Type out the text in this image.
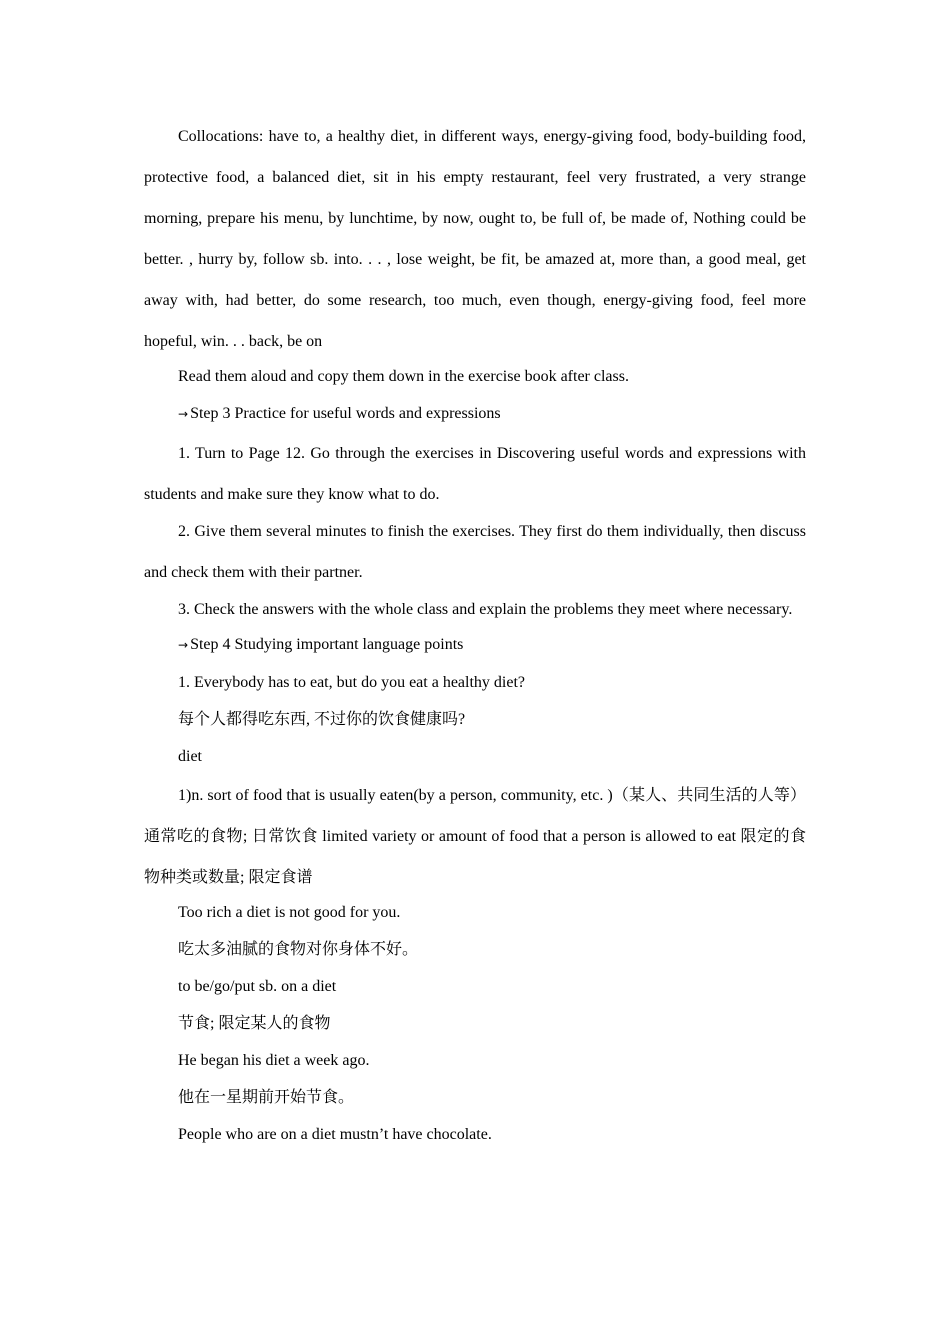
Collocations: have to, a healthy diet, in different ways, energy-giving food, body-building food, protective food, a balanced diet, sit in his empty restaurant, feel very frustrated, a very strange morning, prepare his menu, by lunchtime, by now, ought to, be full of, be made of, Nothing could be better. , hurry by, follow sb. into. . . , lose weight, be fit, be amazed at, more than, a good meal, get away with, had better, do some research, too much, even though, energy-giving food, feel more hopeful, win. . . back, be on

Read them aloud and copy them down in the exercise book after class.

→ Step 3 Practice for useful words and expressions

1. Turn to Page 12. Go through the exercises in Discovering useful words and expressions with students and make sure they know what to do.

2. Give them several minutes to finish the exercises. They first do them individually, then discuss and check them with their partner.

3. Check the answers with the whole class and explain the problems they meet where necessary.

→ Step 4 Studying important language points

1. Everybody has to eat, but do you eat a healthy diet?

每个人都得吃东西, 不过你的饮食健康吗?

diet

1)n. sort of food that is usually eaten(by a person, community, etc. )（某人、共同生活的人等）通常吃的食物; 日常饮食 limited variety or amount of food that a person is allowed to eat 限定的食物种类或数量; 限定食谱

Too rich a diet is not good for you.

吃太多油腻的食物对你身体不好。

to be/go/put sb. on a diet

节食; 限定某人的食物

He began his diet a week ago.

他在一星期前开始节食。

People who are on a diet mustn’t have chocolate.
